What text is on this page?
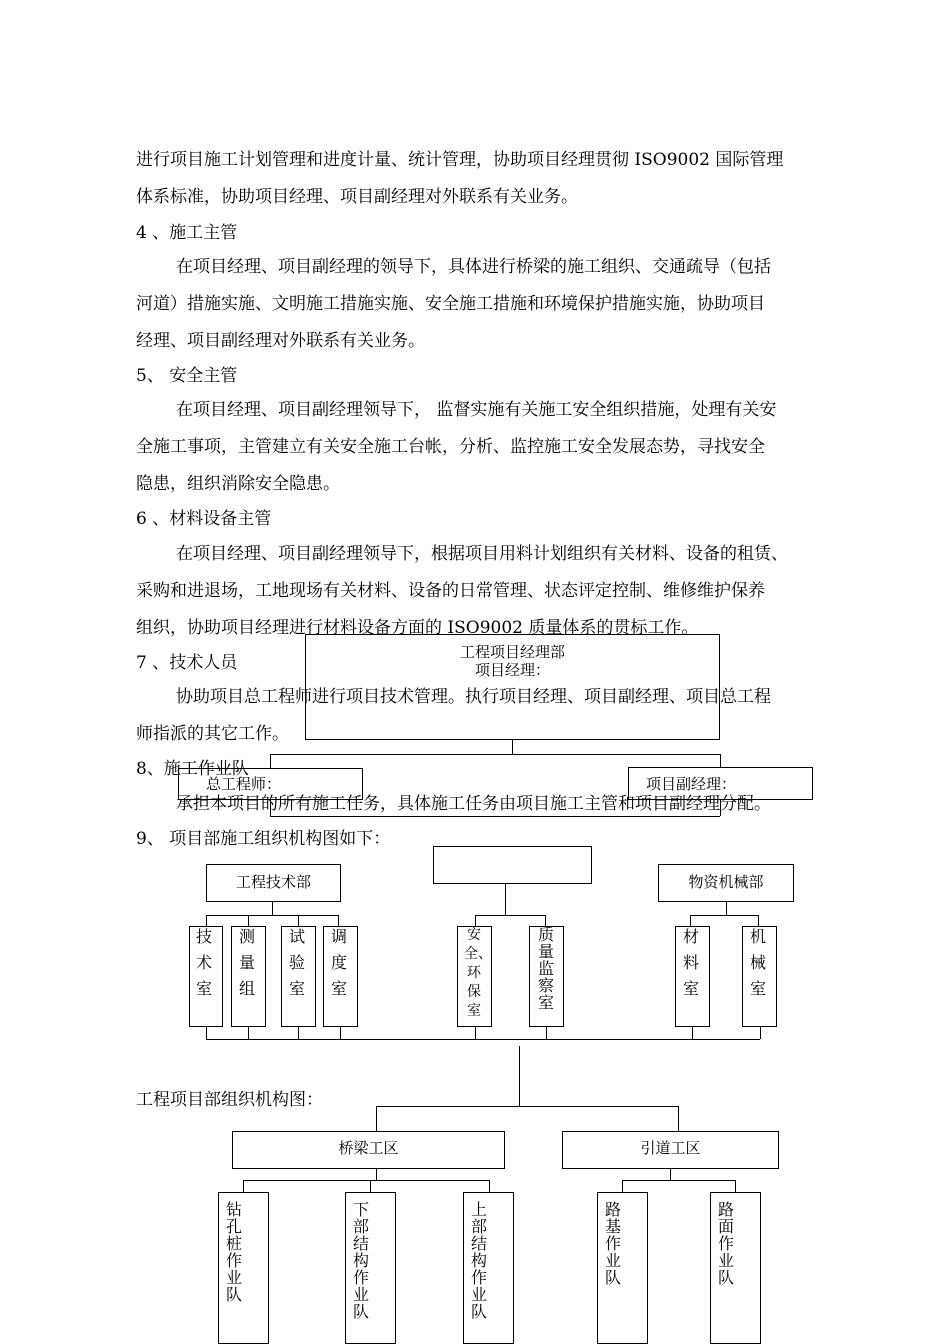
进行项目施工计划管理和进度计量、统计管理，协助项目经理贯彻 ISO9002 国际管理
体系标准，协助项目经理、项目副经理对外联系有关业务。
4 、施工主管
在项目经理、项目副经理的领导下，具体进行桥梁的施工组织、交通疏导（包括
河道）措施实施、文明施工措施实施、安全施工措施和环境保护措施实施，协助项目
经理、项目副经理对外联系有关业务。
5、 安全主管
在项目经理、项目副经理领导下， 监督实施有关施工安全组织措施，处理有关安
全施工事项，主管建立有关安全施工台帐，分析、监控施工安全发展态势，寻找安全
隐患，组织消除安全隐患。
6 、材料设备主管
在项目经理、项目副经理领导下，根据项目用料计划组织有关材料、设备的租赁、
采购和进退场，工地现场有关材料、设备的日常管理、状态评定控制、维修维护保养
组织，协助项目经理进行材料设备方面的 ISO9002 质量体系的贯标工作。
7 、技术人员
协助项目总工程师进行项目技术管理。执行项目经理、项目副经理、项目总工程
师指派的其它工作。
8、施工作业队
承担本项目的所有施工任务，具体施工任务由项目施工主管和项目副经理分配。
9、 项目部施工组织机构图如下：
工程项目部组织机构图：
工程项目经理部
项目经理：
总工程师：	项目副经理：
工程技术部	物资机械部
技术室
测量组
试验室
调度室
安全、环保室
质量监察室
材料室
机械室
桥梁工区	引道工区
钻孔桩作业队
下部结构作业队
上部结构作业队
路基作业队
路面作业队
